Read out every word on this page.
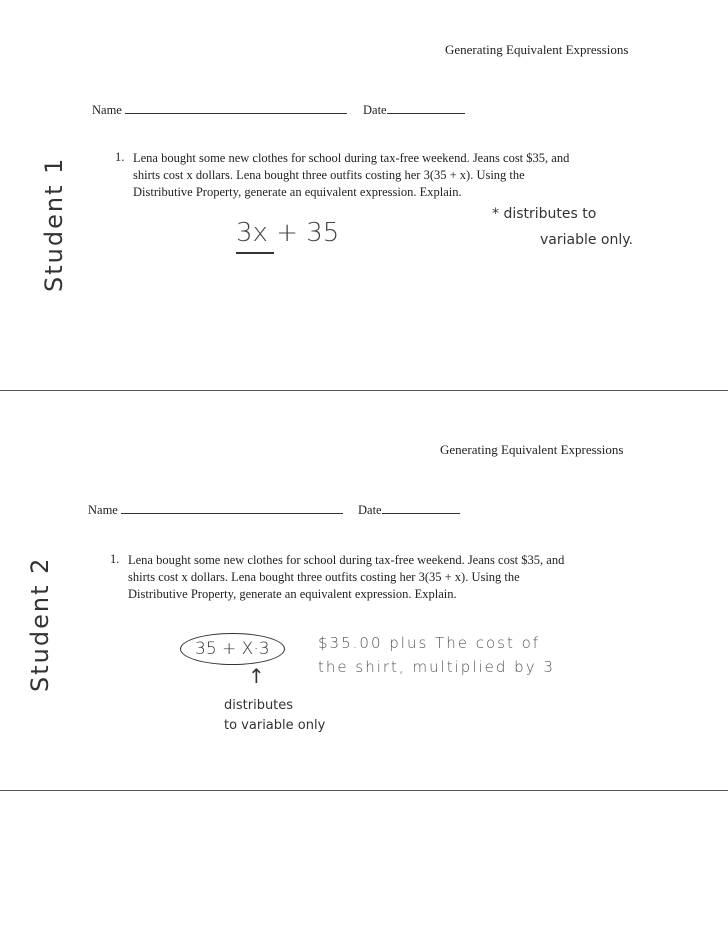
Generating Equivalent Expressions
Name	Date
1. Lena bought some new clothes for school during tax-free weekend. Jeans cost $35, and
shirts cost x dollars. Lena bought three outfits costing her 3(35 + x). Using the
Distributive Property, generate an equivalent expression. Explain.
Student 1	3x + 35
* distributes to
variable only.
Generating Equivalent Expressions
Name	Date
1. Lena bought some new clothes for school during tax-free weekend. Jeans cost $35, and
shirts cost x dollars. Lena bought three outfits costing her 3(35 + x). Using the
Distributive Property, generate an equivalent expression. Explain.
Student 2	35 + X·3	$35.00 plus The cost of
the shirt, multiplied by 3
↑
distributes
to variable only
